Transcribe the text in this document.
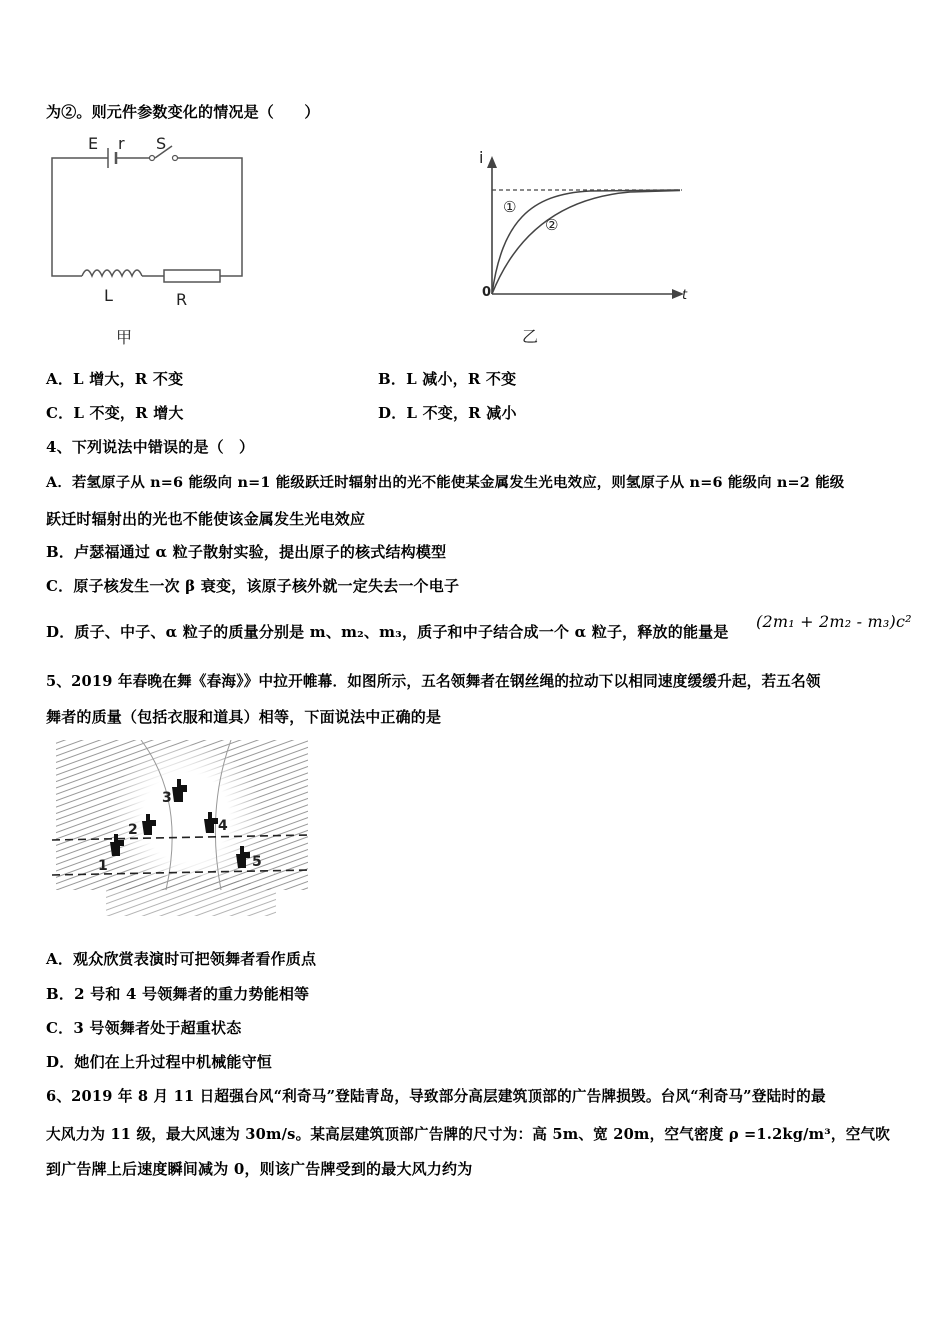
为②。则元件参数变化的情况是（　　）
E r S
L	R
甲
i
t
0
①
②
乙
A．L 增大，R 不变	B．L 减小，R 不变
C．L 不变，R 增大	D．L 不变，R 减小
4、下列说法中错误的是（　）
A．若氢原子从 n=6 能级向 n=1 能级跃迁时辐射出的光不能使某金属发生光电效应，则氢原子从 n=6 能级向 n=2 能级
跃迁时辐射出的光也不能使该金属发生光电效应
B．卢瑟福通过 α 粒子散射实验，提出原子的核式结构模型
C．原子核发生一次 β 衰变，该原子核外就一定失去一个电子
D．质子、中子、α 粒子的质量分别是 m、m₂、m₃，质子和中子结合成一个 α 粒子，释放的能量是
(2m₁ + 2m₂ - m₃)c²
5、2019 年春晚在舞《春海》》中拉开帷幕．如图所示，五名领舞者在钢丝绳的拉动下以相同速度缓缓升起，若五名领
舞者的质量（包括衣服和道具）相等，下面说法中正确的是
1
2
3
4
5
A．观众欣赏表演时可把领舞者看作质点
B．2 号和 4 号领舞者的重力势能相等
C．3 号领舞者处于超重状态
D．她们在上升过程中机械能守恒
6、2019 年 8 月 11 日超强台风“利奇马”登陆青岛，导致部分高层建筑顶部的广告牌损毁。台风“利奇马”登陆时的最
大风力为 11 级，最大风速为 30m/s。某高层建筑顶部广告牌的尺寸为：高 5m、宽 20m，空气密度 ρ =1.2kg/m³，空气吹
到广告牌上后速度瞬间减为 0，则该广告牌受到的最大风力约为
